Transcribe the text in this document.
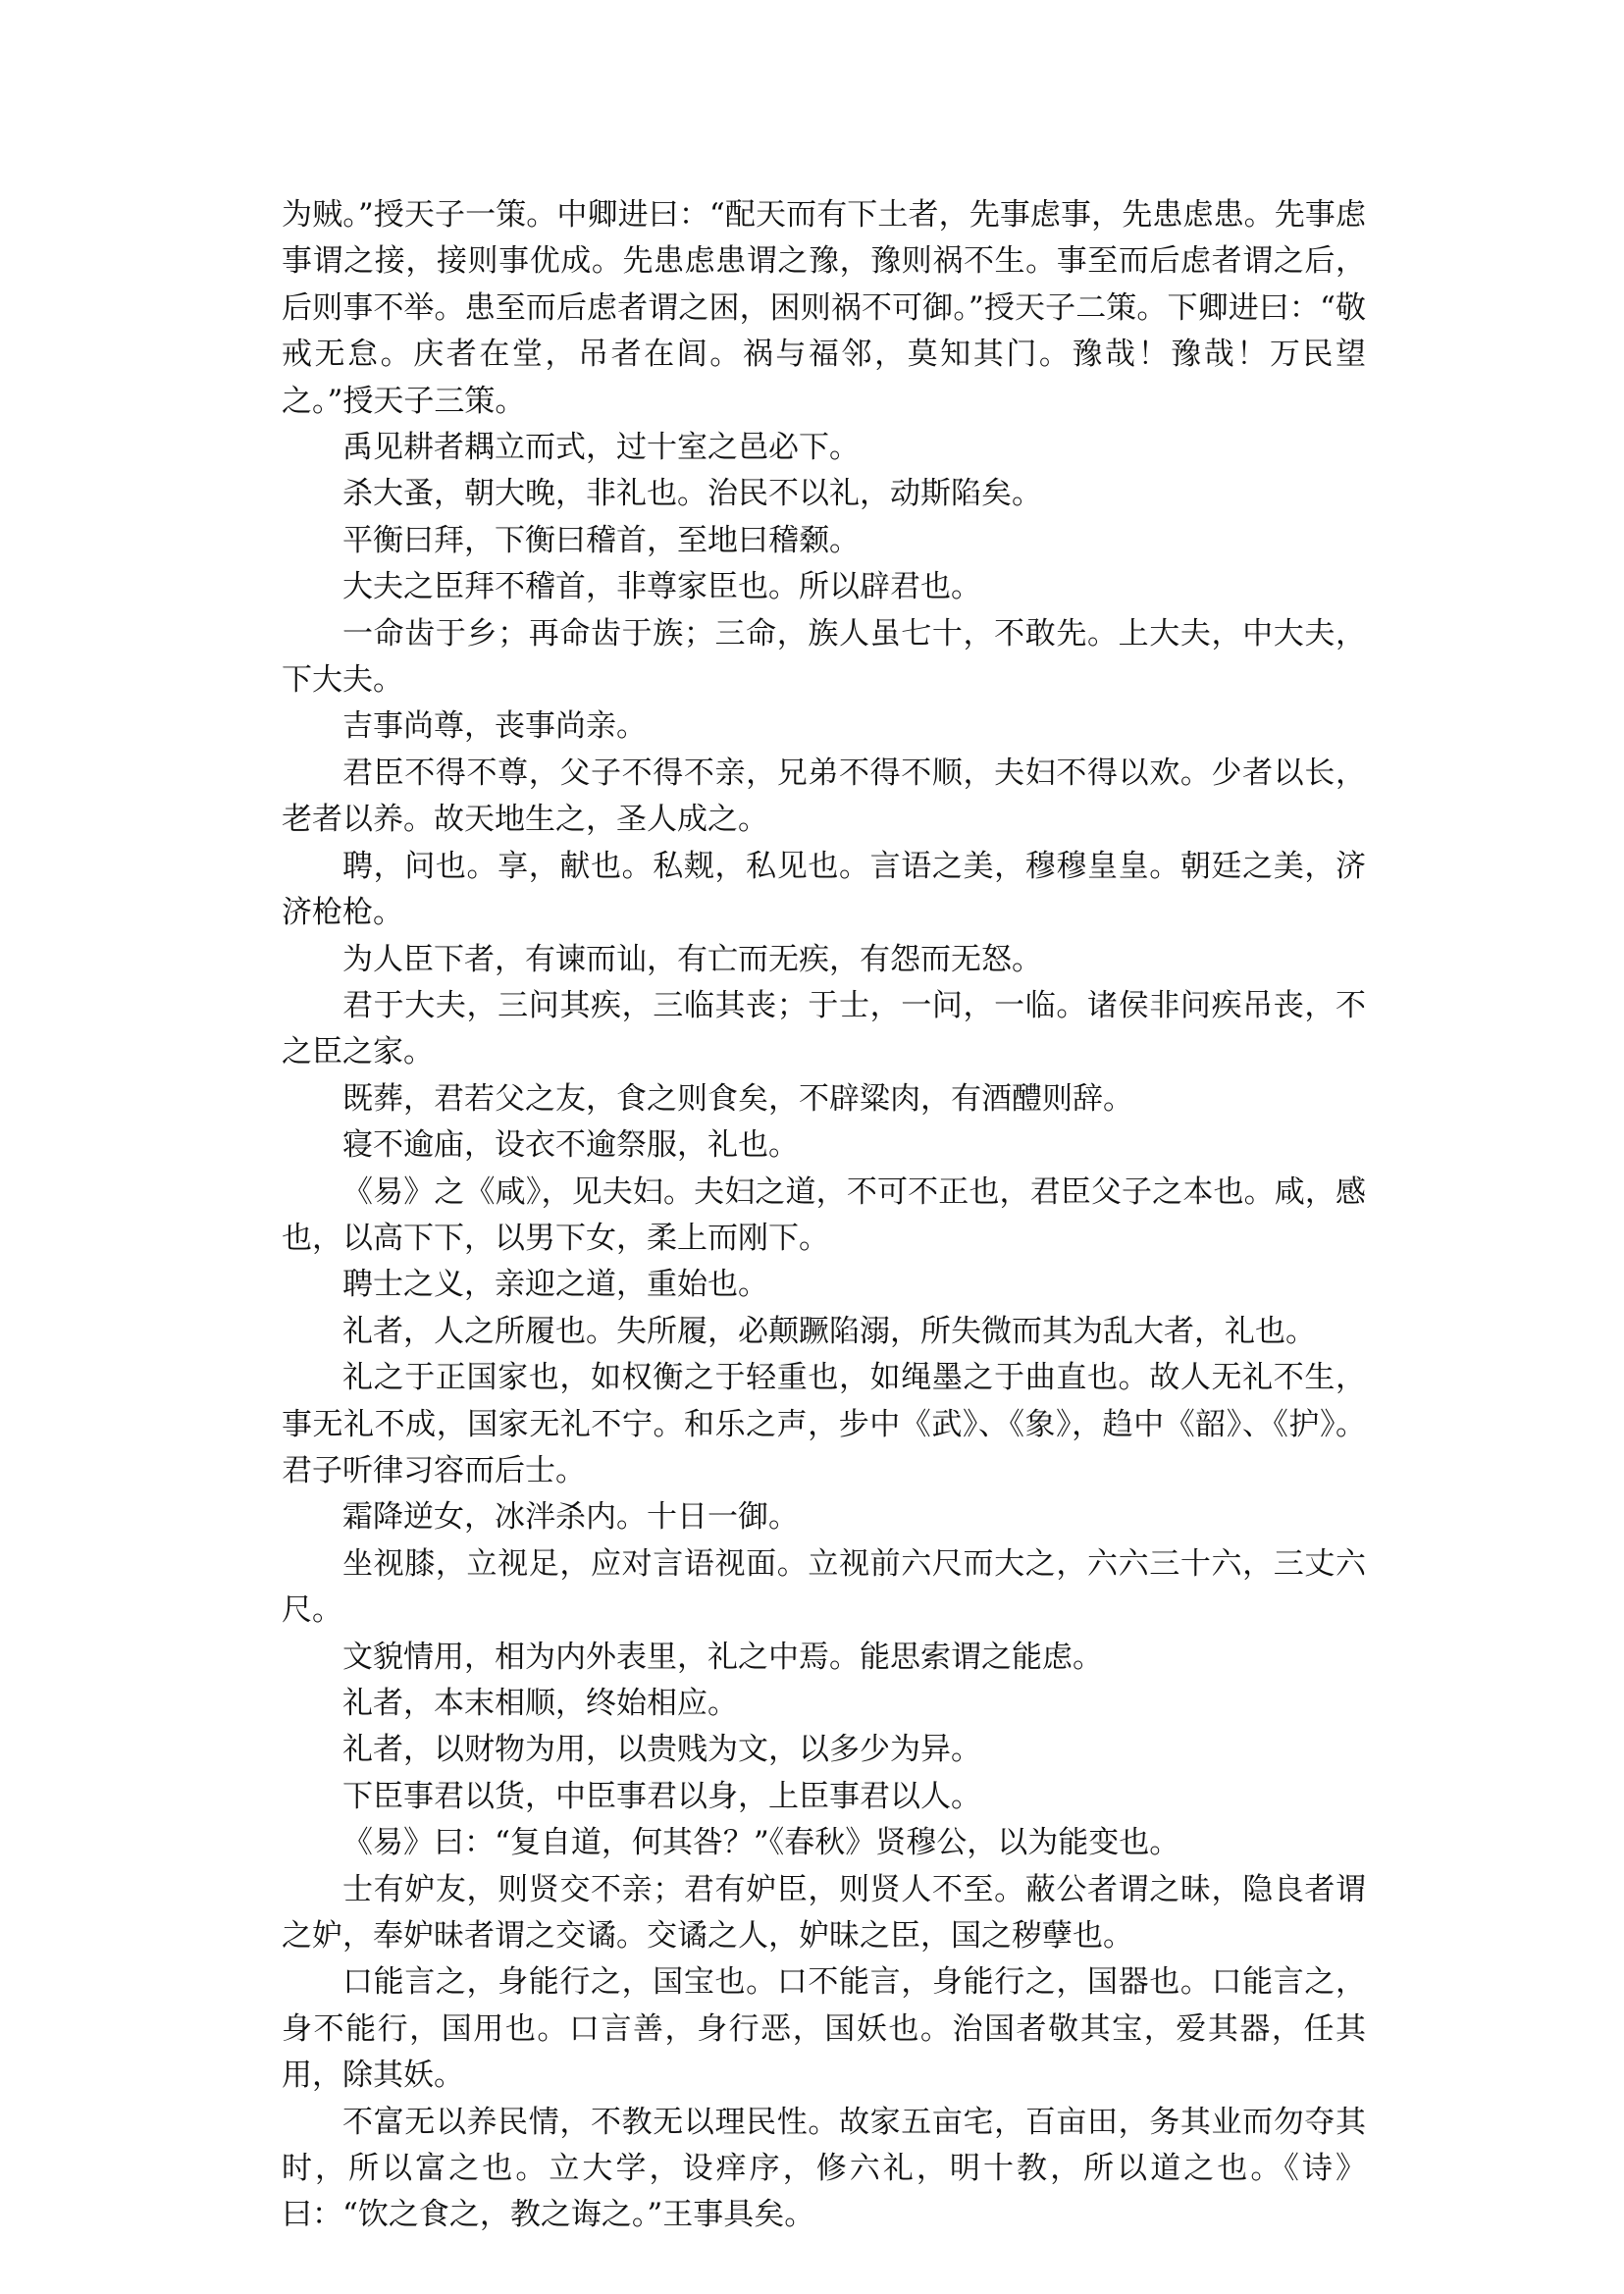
为贼。”授天子一策。中卿进曰：“配天而有下土者，先事虑事，先患虑患。先事虑事谓之接，接则事优成。先患虑患谓之豫，豫则祸不生。事至而后虑者谓之后，后则事不举。患至而后虑者谓之困，困则祸不可御。”授天子二策。下卿进曰：“敬戒无怠。庆者在堂，吊者在闾。祸与福邻，莫知其门。豫哉！豫哉！万民望之。”授天子三策。

禹见耕者耦立而式，过十室之邑必下。

杀大蚤，朝大晚，非礼也。治民不以礼，动斯陷矣。

平衡曰拜，下衡曰稽首，至地曰稽颡。

大夫之臣拜不稽首，非尊家臣也。所以辟君也。

一命齿于乡；再命齿于族；三命，族人虽七十，不敢先。上大夫，中大夫，下大夫。

吉事尚尊，丧事尚亲。

君臣不得不尊，父子不得不亲，兄弟不得不顺，夫妇不得以欢。少者以长，老者以养。故天地生之，圣人成之。

聘，问也。享，献也。私觌，私见也。言语之美，穆穆皇皇。朝廷之美，济济枪枪。

为人臣下者，有谏而讪，有亡而无疾，有怨而无怒。

君于大夫，三问其疾，三临其丧；于士，一问，一临。诸侯非问疾吊丧，不之臣之家。

既葬，君若父之友，食之则食矣，不辟粱肉，有酒醴则辞。

寝不逾庙，设衣不逾祭服，礼也。

《易》之《咸》，见夫妇。夫妇之道，不可不正也，君臣父子之本也。咸，感也，以高下下，以男下女，柔上而刚下。

聘士之义，亲迎之道，重始也。

礼者，人之所履也。失所履，必颠蹶陷溺，所失微而其为乱大者，礼也。

礼之于正国家也，如权衡之于轻重也，如绳墨之于曲直也。故人无礼不生，事无礼不成，国家无礼不宁。和乐之声，步中《武》、《象》，趋中《韶》、《护》。君子听律习容而后士。

霜降逆女，冰泮杀内。十日一御。

坐视膝，立视足，应对言语视面。立视前六尺而大之，六六三十六，三丈六尺。

文貌情用，相为内外表里，礼之中焉。能思索谓之能虑。

礼者，本末相顺，终始相应。

礼者，以财物为用，以贵贱为文，以多少为异。

下臣事君以货，中臣事君以身，上臣事君以人。

《易》曰：“复自道，何其咎？”《春秋》贤穆公，以为能变也。

士有妒友，则贤交不亲；君有妒臣，则贤人不至。蔽公者谓之昧，隐良者谓之妒，奉妒昧者谓之交谲。交谲之人，妒昧之臣，国之秽孽也。

口能言之，身能行之，国宝也。口不能言，身能行之，国器也。口能言之，身不能行，国用也。口言善，身行恶，国妖也。治国者敬其宝，爱其器，任其用，除其妖。

不富无以养民情，不教无以理民性。故家五亩宅，百亩田，务其业而勿夺其时，所以富之也。立大学，设痒序，修六礼，明十教，所以道之也。《诗》曰：“饮之食之，教之诲之。”王事具矣。
